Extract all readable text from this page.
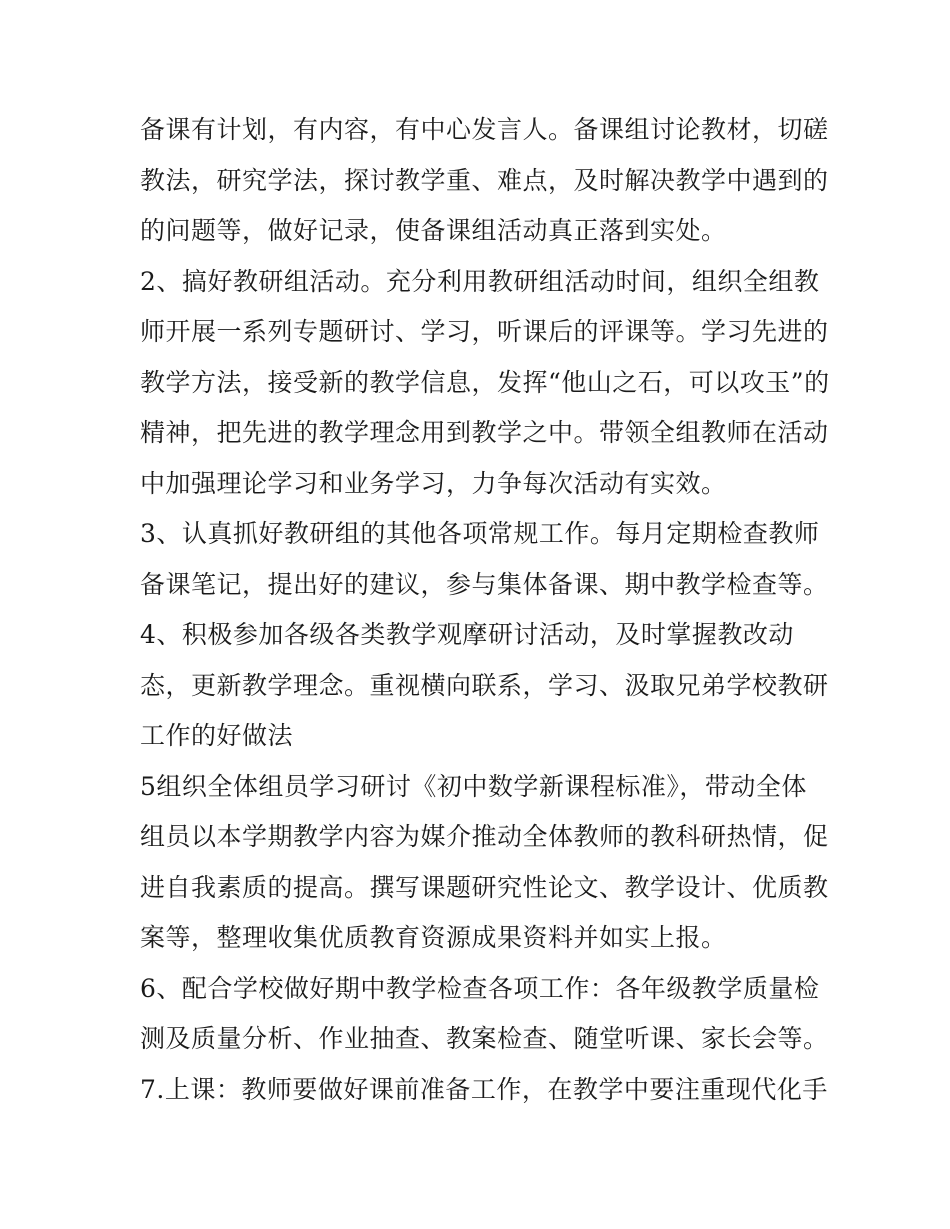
备课有计划，有内容，有中心发言人。备课组讨论教材，切磋
教法，研究学法，探讨教学重、难点，及时解决教学中遇到的
的问题等，做好记录，使备课组活动真正落到实处。
2、搞好教研组活动。充分利用教研组活动时间，组织全组教
师开展一系列专题研讨、学习，听课后的评课等。学习先进的
教学方法，接受新的教学信息，发挥“他山之石，可以攻玉”的
精神，把先进的教学理念用到教学之中。带领全组教师在活动
中加强理论学习和业务学习，力争每次活动有实效。
3、认真抓好教研组的其他各项常规工作。每月定期检查教师
备课笔记，提出好的建议，参与集体备课、期中教学检查等。
4、积极参加各级各类教学观摩研讨活动，及时掌握教改动
态，更新教学理念。重视横向联系，学习、汲取兄弟学校教研
工作的好做法
5组织全体组员学习研讨《初中数学新课程标准》，带动全体
组员以本学期教学内容为媒介推动全体教师的教科研热情，促
进自我素质的提高。撰写课题研究性论文、教学设计、优质教
案等，整理收集优质教育资源成果资料并如实上报。
6、配合学校做好期中教学检查各项工作：各年级教学质量检
测及质量分析、作业抽查、教案检查、随堂听课、家长会等。
7.上课：教师要做好课前准备工作，在教学中要注重现代化手
